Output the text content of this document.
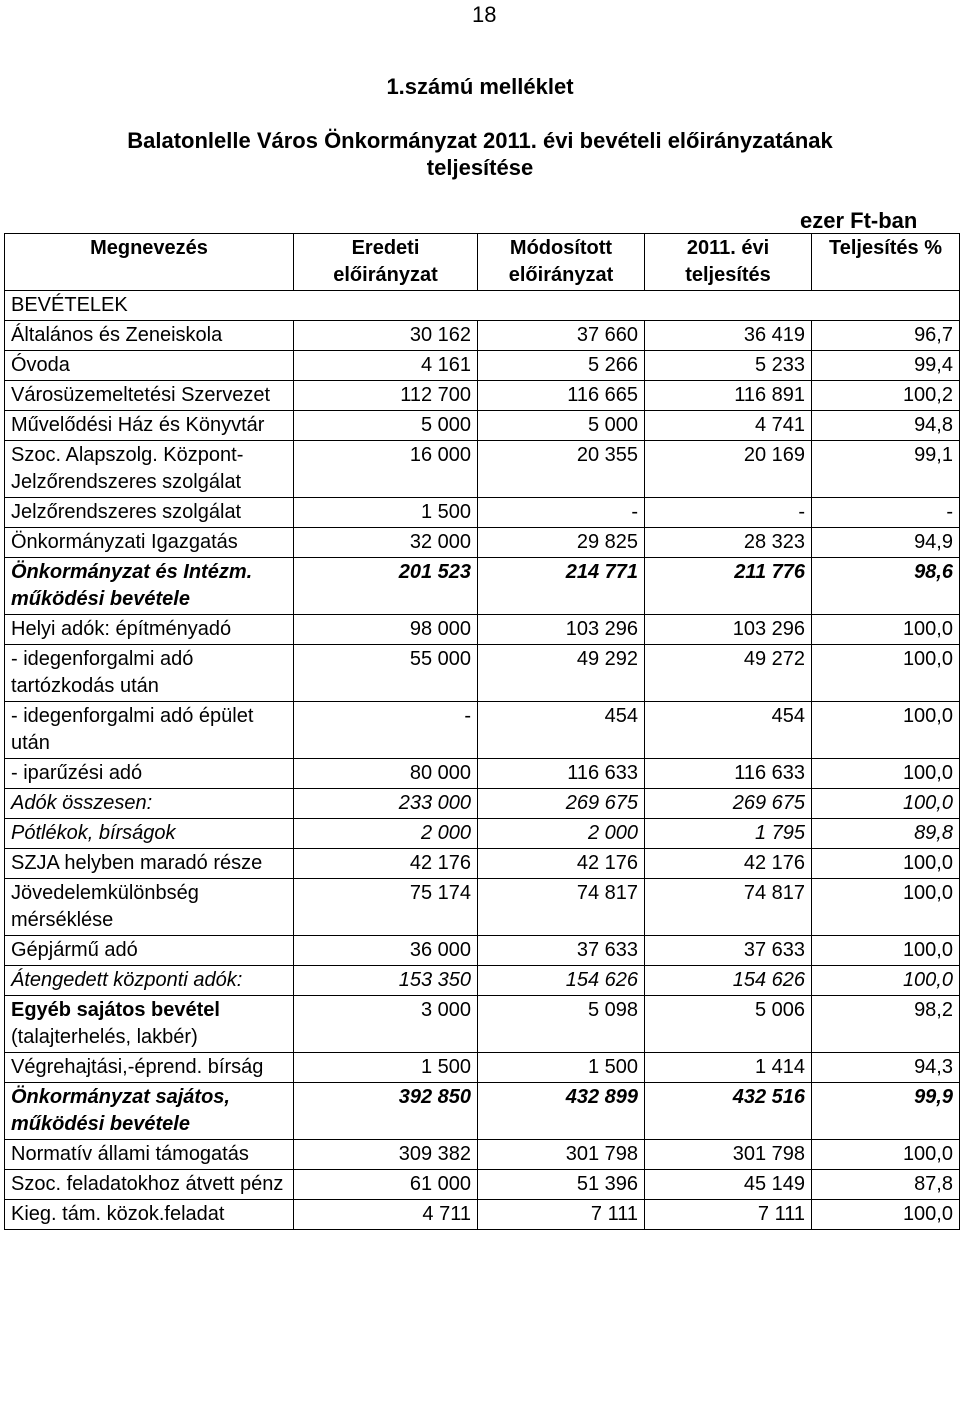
18
1.számú melléklet
Balatonlelle Város Önkormányzat 2011. évi bevételi előirányzatának
teljesítése
ezer Ft-ban
Megnevezés	Eredeti előirányzat	Módosított előirányzat	2011. évi teljesítés	Teljesítés %
BEVÉTELEK				
Általános és Zeneiskola	30 162	37 660	36 419	96,7
Óvoda	4 161	5 266	5 233	99,4
Városüzemeltetési Szervezet	112 700	116 665	116 891	100,2
Művelődési Ház és Könyvtár	5 000	5 000	4 741	94,8
Szoc. Alapszolg. Központ-Jelzőrendszeres szolgálat	16 000	20 355	20 169	99,1
Jelzőrendszeres szolgálat	1 500	-	-	-
Önkormányzati Igazgatás	32 000	29 825	28 323	94,9
Önkormányzat és Intézm. működési bevétele	201 523	214 771	211 776	98,6
Helyi adók: építményadó	98 000	103 296	103 296	100,0
- idegenforgalmi adó tartózkodás után	55 000	49 292	49 272	100,0
- idegenforgalmi adó épület után	-	454	454	100,0
- iparűzési adó	80 000	116 633	116 633	100,0
Adók összesen:	233 000	269 675	269 675	100,0
Pótlékok, bírságok	2 000	2 000	1 795	89,8
SZJA helyben maradó része	42 176	42 176	42 176	100,0
Jövedelemkülönbség mérséklése	75 174	74 817	74 817	100,0
Gépjármű adó	36 000	37 633	37 633	100,0
Átengedett központi adók:	153 350	154 626	154 626	100,0
Egyéb sajátos bevétel
(talajterhelés, lakbér)	3 000	5 098	5 006	98,2
Végrehajtási,-éprend. bírság	1 500	1 500	1 414	94,3
Önkormányzat sajátos, működési bevétele	392 850	432 899	432 516	99,9
Normatív állami támogatás	309 382	301 798	301 798	100,0
Szoc. feladatokhoz átvett pénz	61 000	51 396	45 149	87,8
Kieg. tám. közok.feladat	4 711	7 111	7 111	100,0
